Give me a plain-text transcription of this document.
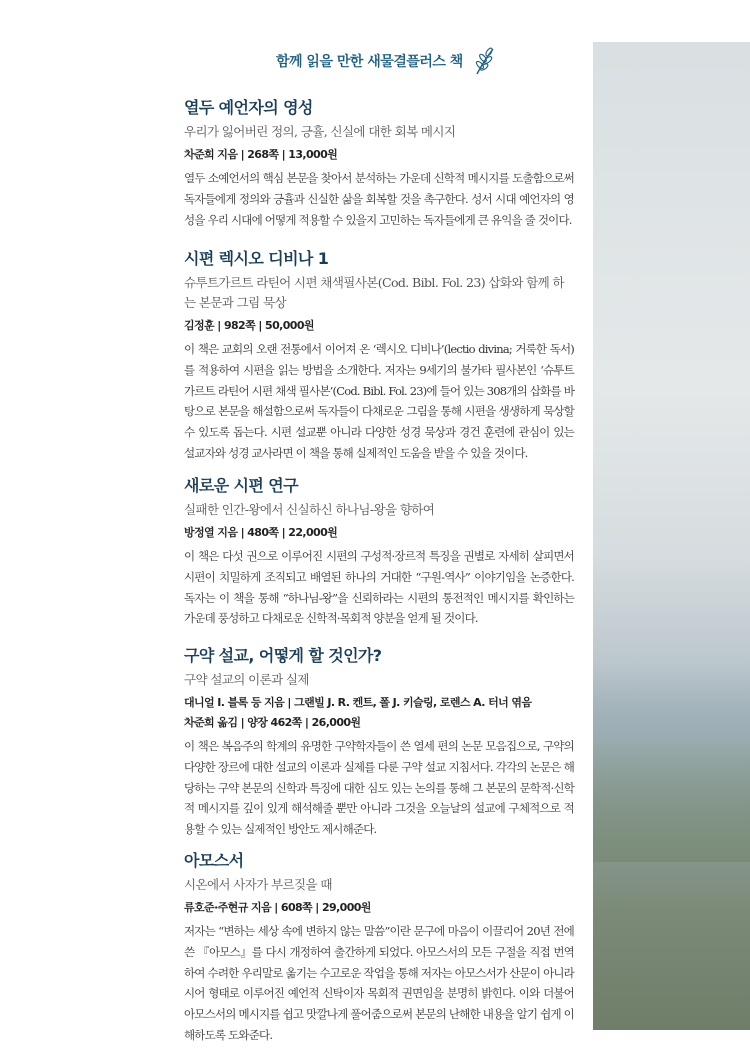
함께 읽을 만한 새물결플러스 책
열두 예언자의 영성
우리가 잃어버린 정의, 긍휼, 신실에 대한 회복 메시지
차준희 지음 | 268쪽 | 13,000원
열두 소예언서의 핵심 본문을 찾아서 분석하는 가운데 신학적 메시지를 도출함으로써 독자들에게 정의와 긍휼과 신실한 삶을 회복할 것을 촉구한다. 성서 시대 예언자의 영성을 우리 시대에 어떻게 적용할 수 있을지 고민하는 독자들에게 큰 유익을 줄 것이다.
시편 렉시오 디비나 1
슈투트가르트 라틴어 시편 채색필사본(Cod. Bibl. Fol. 23) 삽화와 함께 하는 본문과 그림 묵상
김정훈 | 982쪽 | 50,000원
이 책은 교회의 오랜 전통에서 이어져 온 ‘렉시오 디비나’(lectio divina; 거룩한 독서)를 적용하여 시편을 읽는 방법을 소개한다. 저자는 9세기의 불가타 필사본인 ‘슈투트가르트 라틴어 시편 채색 필사본’(Cod. Bibl. Fol. 23)에 들어 있는 308개의 삽화를 바탕으로 본문을 해설함으로써 독자들이 다채로운 그림을 통해 시편을 생생하게 묵상할 수 있도록 돕는다. 시편 설교뿐 아니라 다양한 성경 묵상과 경건 훈련에 관심이 있는 설교자와 성경 교사라면 이 책을 통해 실제적인 도움을 받을 수 있을 것이다.
새로운 시편 연구
실패한 인간-왕에서 신실하신 하나님-왕을 향하여
방정열 지음 | 480쪽 | 22,000원
이 책은 다섯 권으로 이루어진 시편의 구성적·장르적 특징을 권별로 자세히 살피면서 시편이 치밀하게 조직되고 배열된 하나의 거대한 “구원-역사” 이야기임을 논증한다. 독자는 이 책을 통해 “하나님-왕”을 신뢰하라는 시편의 통전적인 메시지를 확인하는 가운데 풍성하고 다채로운 신학적·목회적 양분을 얻게 될 것이다.
구약 설교, 어떻게 할 것인가?
구약 설교의 이론과 실제
대니얼 I. 블록 등 지음 | 그랜빌 J. R. 켄트, 폴 J. 키슬링, 로렌스 A. 터너 엮음
차준희 옮김 | 양장 462쪽 | 26,000원
이 책은 복음주의 학계의 유명한 구약학자들이 쓴 열세 편의 논문 모음집으로, 구약의 다양한 장르에 대한 설교의 이론과 실제를 다룬 구약 설교 지침서다. 각각의 논문은 해당하는 구약 본문의 신학과 특징에 대한 심도 있는 논의를 통해 그 본문의 문학적·신학적 메시지를 깊이 있게 해석해줄 뿐만 아니라 그것을 오늘날의 설교에 구체적으로 적용할 수 있는 실제적인 방안도 제시해준다.
아모스서
시온에서 사자가 부르짖을 때
류호준·주현규 지음 | 608쪽 | 29,000원
저자는 “변하는 세상 속에 변하지 않는 말씀”이란 문구에 마음이 이끌리어 20년 전에 쓴 『아모스』를 다시 개정하여 출간하게 되었다. 아모스서의 모든 구절을 직접 번역하여 수려한 우리말로 옮기는 수고로운 작업을 통해 저자는 아모스서가 산문이 아니라 시어 형태로 이루어진 예언적 신탁이자 목회적 권면임을 분명히 밝힌다. 이와 더불어 아모스서의 메시지를 쉽고 맛깔나게 풀어줌으로써 본문의 난해한 내용을 알기 쉽게 이해하도록 도와준다.
